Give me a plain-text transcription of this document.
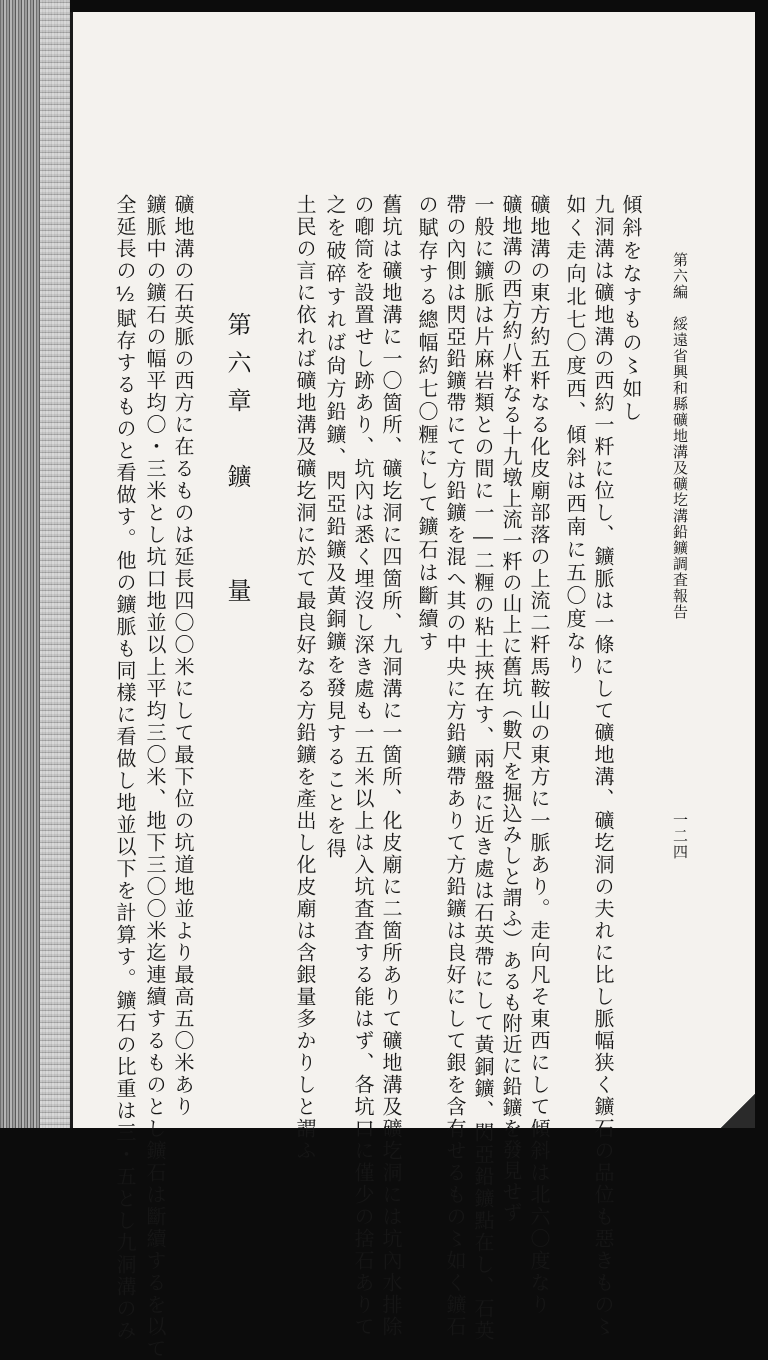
第六編　綏遠省興和縣礦地溝及礦圪溝鉛鑛調査報告
一二四
傾斜をなすもの〻如し
九洞溝は礦地溝の西約一粁に位し、鑛脈は一條にして礦地溝、礦圪洞の夫れに比し脈幅狭く鑛石の品位も惡きもの〻
如く走向北七〇度西、傾斜は西南に五〇度なり
礦地溝の東方約五粁なる化皮廟部落の上流二粁馬鞍山の東方に一脈あり。走向凡そ東西にして傾斜は北六〇度なり
礦地溝の西方約八粁なる十九墩上流一粁の山上に舊坑（數尺を掘込みしと謂ふ）あるも附近に鉛鑛を發見せず
一般に鑛脈は片麻岩類との間に一―二糎の粘土挾在す、兩盤に近き處は石英帶にして黃銅鑛、閃亞鉛鑛點在し、石英
帶の內側は閃亞鉛鑛帶にて方鉛鑛を混へ其の中央に方鉛鑛帶ありて方鉛鑛は良好にして銀を含有せるもの〻如く鑛石
の賦存する總幅約七〇糎にして鑛石は斷續す
舊坑は礦地溝に一〇箇所、礦圪洞に四箇所、九洞溝に一箇所、化皮廟に二箇所ありて礦地溝及礦圪洞には坑內水排除
の喞筒を設置せし跡あり、坑內は悉く埋沒し深き處も一五米以上は入坑査査する能はず、各坑口に僅少の捨石ありて
之を破碎すれば尙方鉛鑛、閃亞鉛鑛及黃銅鑛を發見することを得
土民の言に依れば礦地溝及礦圪洞に於て最良好なる方鉛鑛を產出し化皮廟は含銀量多かりしと謂ふ
第六章　鑛　　量
礦地溝の石英脈の西方に在るものは延長四〇〇米にして最下位の坑道地並より最高五〇米あり
鑛脈中の鑛石の幅平均〇・三米とし坑口地並以上平均三〇米、地下三〇〇米迄連續するものとし鑛石は斷續するを以て
全延長の½賦存するものと看做す。他の鑛脈も同樣に看做し地並以下を計算す。鑛石の比重は三・五とし九洞溝のみ
